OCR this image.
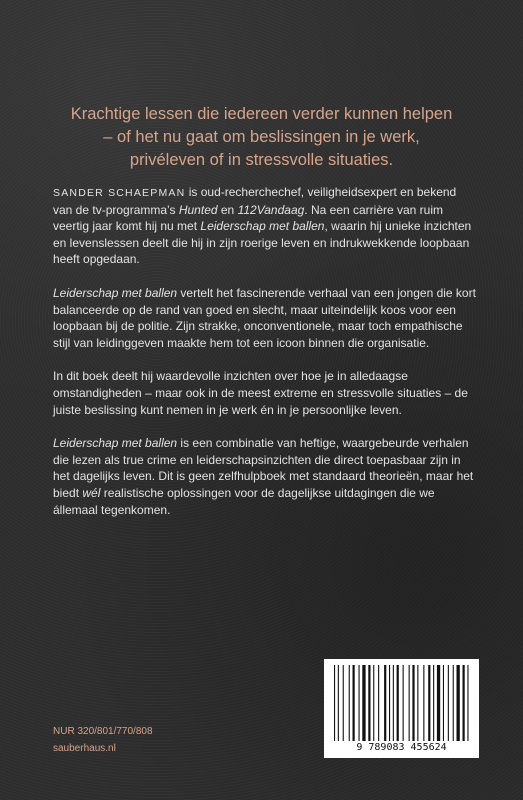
Krachtige lessen die iedereen verder kunnen helpen
– of het nu gaat om beslissingen in je werk,
privéleven of in stressvolle situaties.

SANDER SCHAEPMAN is oud-recherchechef, veiligheidsexpert en bekend van de tv-programma’s Hunted en 112Vandaag. Na een carrière van ruim veertig jaar komt hij nu met Leiderschap met ballen, waarin hij unieke inzichten en levenslessen deelt die hij in zijn roerige leven en indrukwekkende loopbaan heeft opgedaan.

Leiderschap met ballen vertelt het fascinerende verhaal van een jongen die kort balanceerde op de rand van goed en slecht, maar uiteindelijk koos voor een loopbaan bij de politie. Zijn strakke, onconventionele, maar toch empathische stijl van leidinggeven maakte hem tot een icoon binnen die organisatie.

In dit boek deelt hij waardevolle inzichten over hoe je in alledaagse omstandigheden – maar ook in de meest extreme en stressvolle situaties – de juiste beslissing kunt nemen in je werk én in je persoonlijke leven.

Leiderschap met ballen is een combinatie van heftige, waargebeurde verhalen die lezen als true crime en leiderschapsinzichten die direct toepasbaar zijn in het dagelijks leven. Dit is geen zelfhulpboek met standaard theorieën, maar het biedt wél realistische oplossingen voor de dagelijkse uitdagingen die we állemaal tegenkomen.

NUR 320/801/770/808
sauberhaus.nl	9 789083 455624
